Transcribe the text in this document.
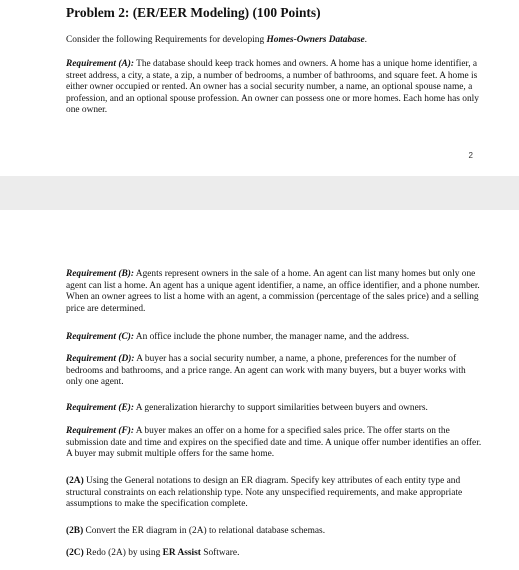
Problem 2: (ER/EER Modeling) (100 Points)

Consider the following Requirements for developing Homes-Owners Database.

Requirement (A): The database should keep track homes and owners. A home has a unique home identifier, a street address, a city, a state, a zip, a number of bedrooms, a number of bathrooms, and square feet. A home is either owner occupied or rented. An owner has a social security number, a name, an optional spouse name, a profession, and an optional spouse profession. An owner can possess one or more homes. Each home has only one owner.

2

Requirement (B): Agents represent owners in the sale of a home. An agent can list many homes but only one agent can list a home. An agent has a unique agent identifier, a name, an office identifier, and a phone number. When an owner agrees to list a home with an agent, a commission (percentage of the sales price) and a selling price are determined.

Requirement (C): An office include the phone number, the manager name, and the address.

Requirement (D): A buyer has a social security number, a name, a phone, preferences for the number of bedrooms and bathrooms, and a price range. An agent can work with many buyers, but a buyer works with only one agent.

Requirement (E): A generalization hierarchy to support similarities between buyers and owners.

Requirement (F): A buyer makes an offer on a home for a specified sales price. The offer starts on the submission date and time and expires on the specified date and time. A unique offer number identifies an offer. A buyer may submit multiple offers for the same home.

(2A) Using the General notations to design an ER diagram. Specify key attributes of each entity type and structural constraints on each relationship type. Note any unspecified requirements, and make appropriate assumptions to make the specification complete.

(2B) Convert the ER diagram in (2A) to relational database schemas.

(2C) Redo (2A) by using ER Assist Software.
